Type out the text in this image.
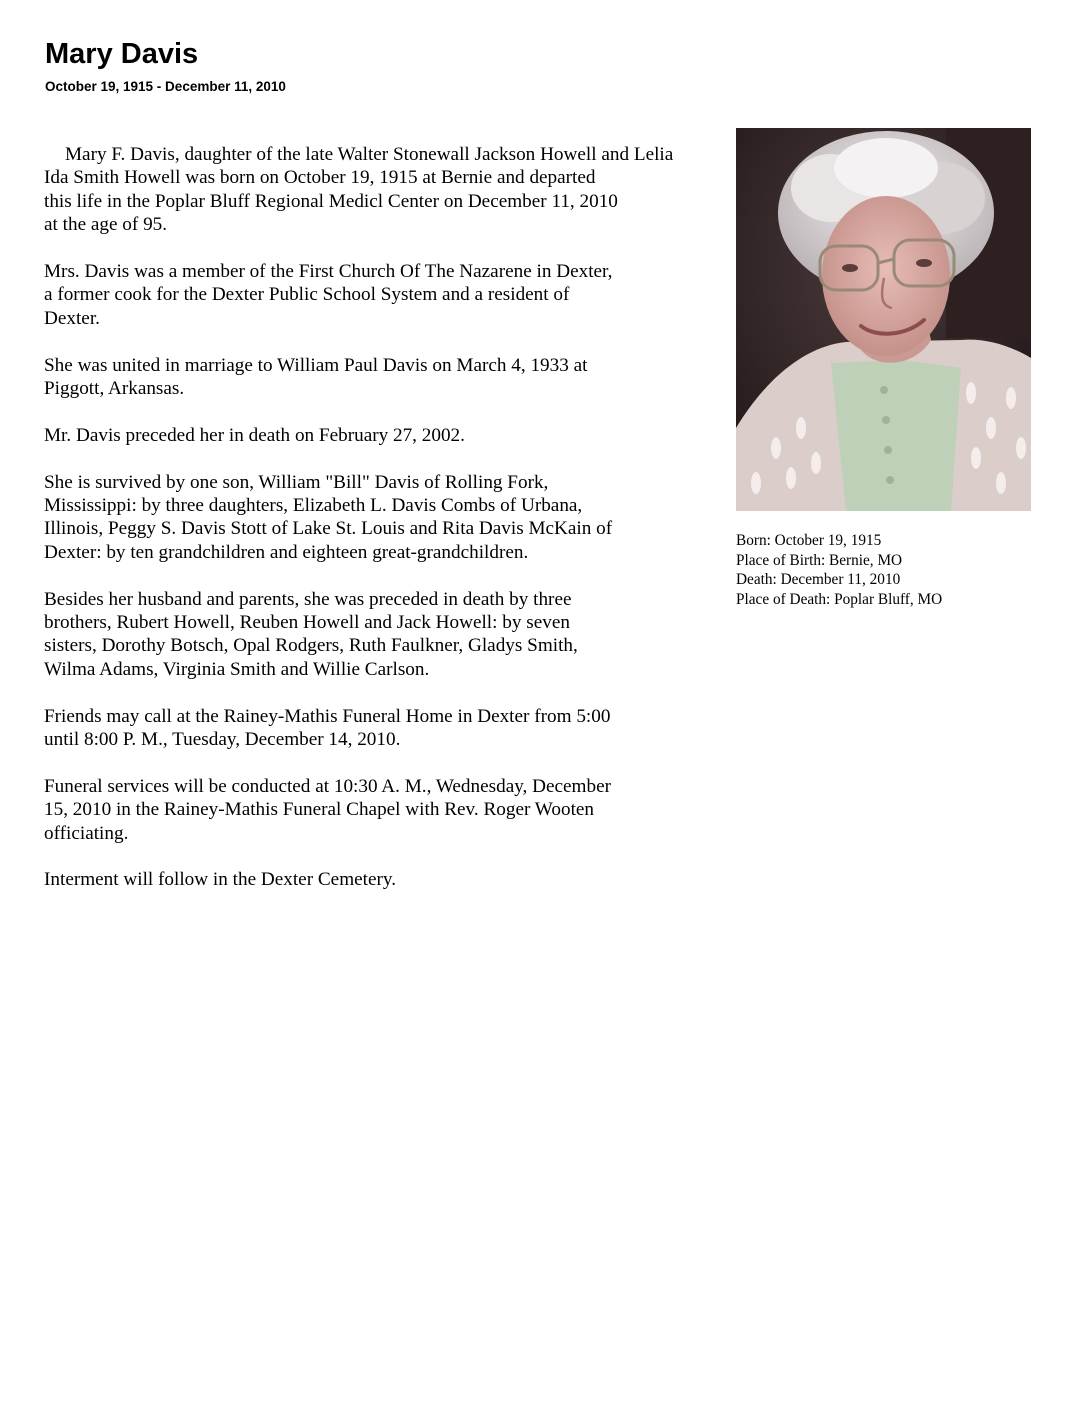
Mary Davis
October 19, 1915 - December 11, 2010

Mary F. Davis, daughter of the late Walter Stonewall Jackson Howell and Lelia
Ida Smith Howell was born on October 19, 1915 at Bernie and departed
this life in the Poplar Bluff Regional Medicl Center on December 11, 2010
at the age of 95.

Mrs. Davis was a member of the First Church Of The Nazarene in Dexter,
a former cook for the Dexter Public School System and a resident of
Dexter.

She was united in marriage to William Paul Davis on March 4, 1933 at
Piggott, Arkansas.

Mr. Davis preceded her in death on February 27, 2002.

She is survived by one son, William "Bill" Davis of Rolling Fork,
Mississippi: by three daughters, Elizabeth L. Davis Combs of Urbana,
Illinois, Peggy S. Davis Stott of Lake St. Louis and Rita Davis McKain of
Dexter: by ten grandchildren and eighteen great-grandchildren.

Besides her husband and parents, she was preceded in death by three
brothers, Rubert Howell, Reuben Howell and Jack Howell: by seven
sisters, Dorothy Botsch, Opal Rodgers, Ruth Faulkner, Gladys Smith,
Wilma Adams, Virginia Smith and Willie Carlson.

Friends may call at the Rainey-Mathis Funeral Home in Dexter from 5:00
until 8:00 P. M., Tuesday, December 14, 2010.

Funeral services will be conducted at 10:30 A. M., Wednesday, December
15, 2010 in the Rainey-Mathis Funeral Chapel with Rev. Roger Wooten
officiating.

Interment will follow in the Dexter Cemetery.

Born: October 19, 1915
Place of Birth: Bernie, MO
Death: December 11, 2010
Place of Death: Poplar Bluff, MO
